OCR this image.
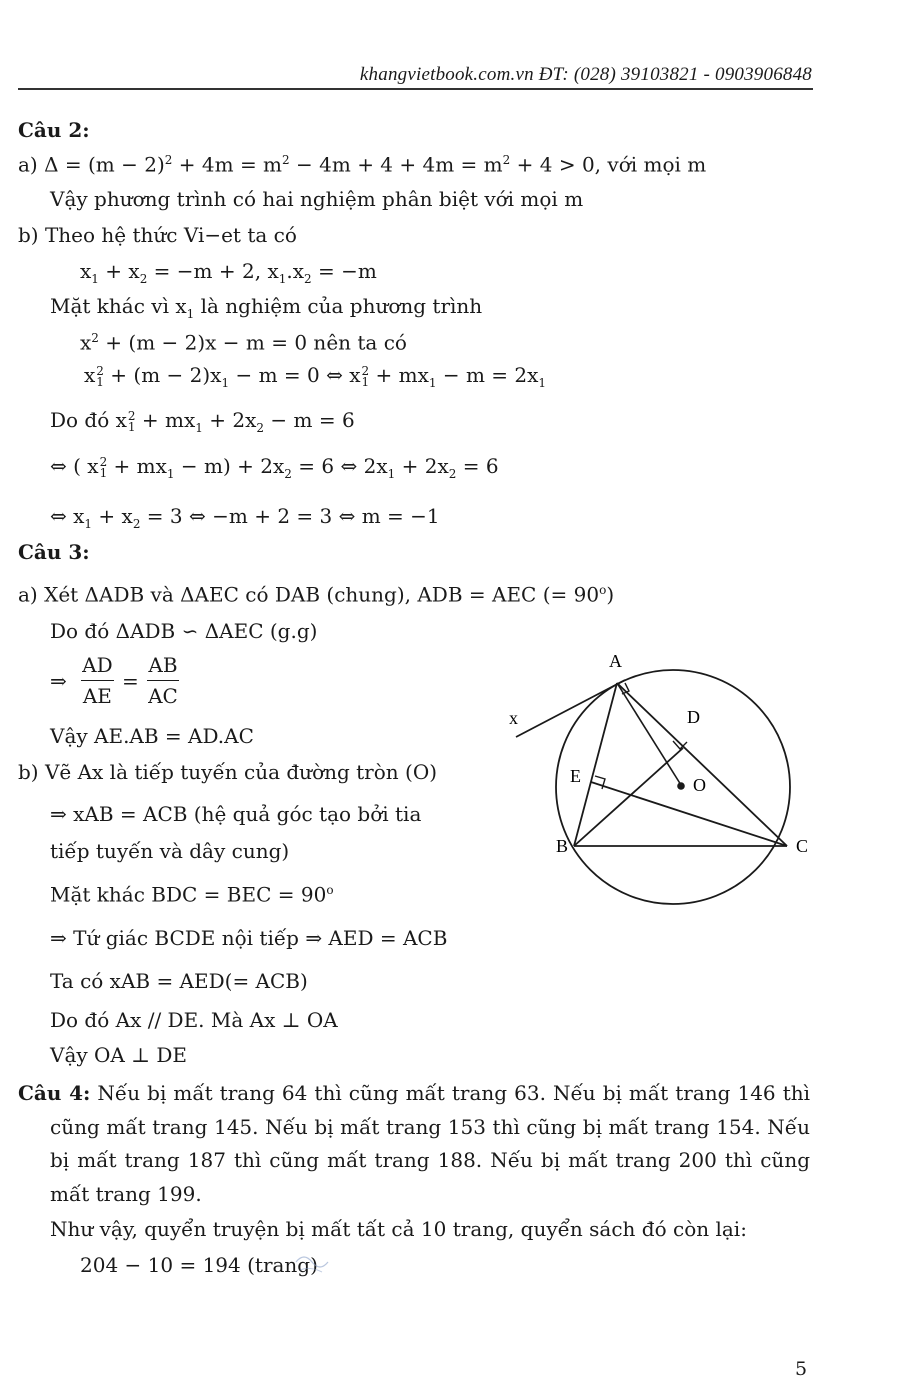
khangvietbook.com.vn ĐT: (028) 39103821 - 0903906848
Câu 2:
a) $\Delta = (m - 2)^2 + 4m = m^2 - 4m + 4 + 4m = m^2 + 4 > 0$, với mọi m
Vậy phương trình có hai nghiệm phân biệt với mọi m
b) Theo hệ thức Vi−et ta có
$x_1 + x_2 = -m + 2$, $x_1.x_2 = -m$
Mặt khác vì $x_1$ là nghiệm của phương trình
$x^2 + (m - 2)x - m = 0$ nên ta có
x 2
$1 + (m - 2)x_1 - m = 0$ ⇔ x 2
$1 + mx_1 - m = 2x_1$
Do đó x 2
$1 + mx_1 + 2x_2 - m = 6$
⇔ ( x 2
$1 + mx_1 - m) + 2x_2 = 6$ ⇔ $2x_1 + 2x_2 = 6$
⇔ $x_1 + x_2 = 3$ ⇔ −m + 2 = 3 ⇔ m = −1
Câu 3:
a) Xét ΔADB và ΔAEC có DAB (chung), ADB = AEC (= $90^o$)
Do đó ΔADB ∽ ΔAEC (g.g)
⇒ $\frac{AD}{AE} = \frac{AB}{AC}$
Vậy AE.AB = AD.AC
b) Vẽ Ax là tiếp tuyến của đường tròn (O)
⇒ xAB = ACB (hệ quả góc tạo bởi tia
tiếp tuyến và dây cung)
Mặt khác BDC = BEC = $90^o$
⇒ Tứ giác BCDE nội tiếp ⇒ AED = ACB
Ta có xAB = AED(= ACB)
Do đó Ax // DE. Mà Ax ⊥ OA
Vậy OA ⊥ DE
A
D
x
E	O
B	C
Câu 4: Nếu bị mất trang 64 thì cũng mất trang 63. Nếu bị mất trang 146 thì cũng mất trang 145. Nếu bị mất trang 153 thì cũng bị mất trang 154. Nếu bị mất trang 187 thì cũng mất trang 188. Nếu bị mất trang 200 thì cũng mất trang 199.
Như vậy, quyển truyện bị mất tất cả 10 trang, quyển sách đó còn lại:
204 − 10 = 194 (trang)
5
